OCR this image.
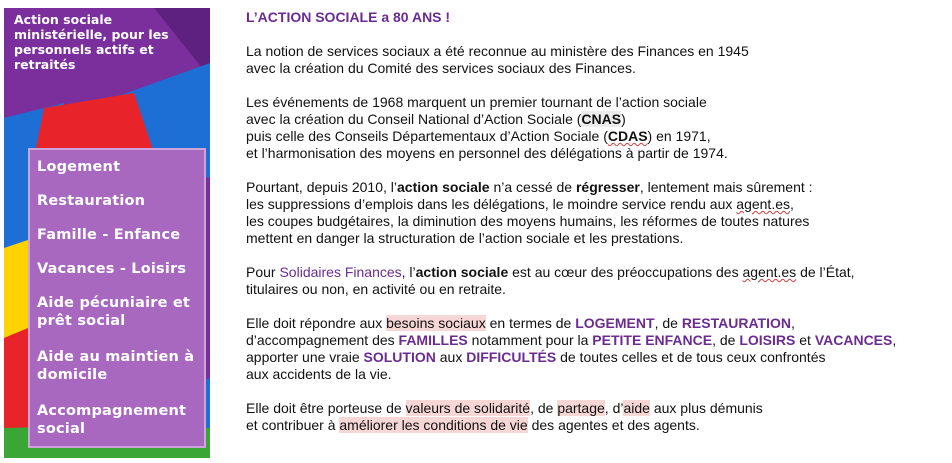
Action sociale ministérielle, pour les personnels actifs et retraités
Logement
Restauration
Famille - Enfance
Vacances - Loisirs
Aide pécuniaire et prêt social
Aide au maintien à domicile
Accompagnement social
L’ACTION SOCIALE a 80 ANS !
La notion de services sociaux a été reconnue au ministère des Finances en 1945
avec la création du Comité des services sociaux des Finances.
Les événements de 1968 marquent un premier tournant de l’action sociale
avec la création du Conseil National d’Action Sociale (CNAS)
puis celle des Conseils Départementaux d’Action Sociale (CDAS) en 1971,
et l’harmonisation des moyens en personnel des délégations à partir de 1974.
Pourtant, depuis 2010, l’action sociale n’a cessé de régresser, lentement mais sûrement :
les suppressions d’emplois dans les délégations, le moindre service rendu aux agent.es,
les coupes budgétaires, la diminution des moyens humains, les réformes de toutes natures
mettent en danger la structuration de l’action sociale et les prestations.
Pour Solidaires Finances, l’action sociale est au cœur des préoccupations des agent.es de l’État,
titulaires ou non, en activité ou en retraite.
Elle doit répondre aux besoins sociaux en termes de LOGEMENT, de RESTAURATION,
d’accompagnement des FAMILLES notamment pour la PETITE ENFANCE, de LOISIRS et VACANCES,
apporter une vraie SOLUTION aux DIFFICULTÉS de toutes celles et de tous ceux confrontés
aux accidents de la vie.
Elle doit être porteuse de valeurs de solidarité, de partage, d’aide aux plus démunis
et contribuer à améliorer les conditions de vie des agentes et des agents.
